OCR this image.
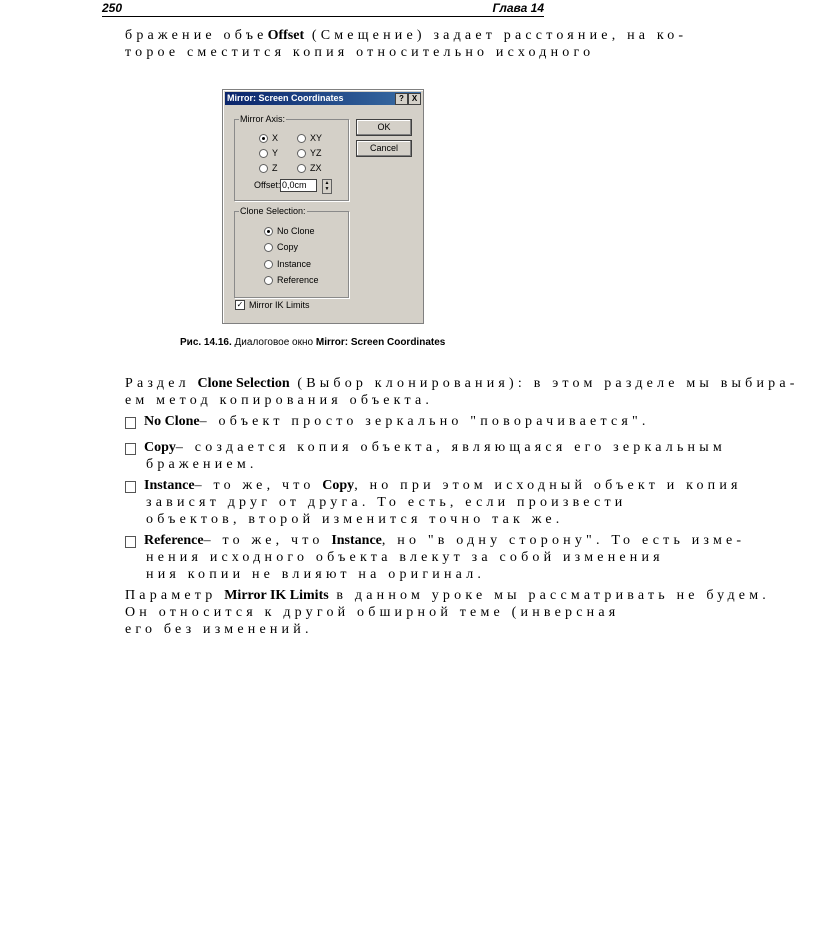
250	Глава 14
бражение объеOffset (Смещение) задает расстояние, на ко-
торое сместится копия относительно исходного
Mirror: Screen Coordinates	? X
Mirror Axis:
X
Y
Z
XY
YZ
ZX
Offset: 0,0cm	▲
▼
OK
Cancel
Clone Selection:
No Clone
Copy
Instance
Reference
✓ Mirror IK Limits
Рис. 14.16. Диалоговое окно Mirror: Screen Coordinates
Раздел Clone Selection (Выбор клонирования): в этом разделе мы выбира-
ем метод копирования объекта.
No Clone– объект просто зеркально "поворачивается".
Copy– создается копия объекта, являющаяся его зеркальным
бражением.
Instance– то же, что Copy, но при этом исходный объект и копия
зависят друг от друга. То есть, если произвести
объектов, второй изменится точно так же.
Reference– то же, что Instance, но "в одну сторону". То есть изме-
нения исходного объекта влекут за собой изменения
ния копии не влияют на оригинал.
Параметр Mirror IK Limits в данном уроке мы рассматривать не будем.
Он относится к другой обширной теме (инверсная
его без изменений.
